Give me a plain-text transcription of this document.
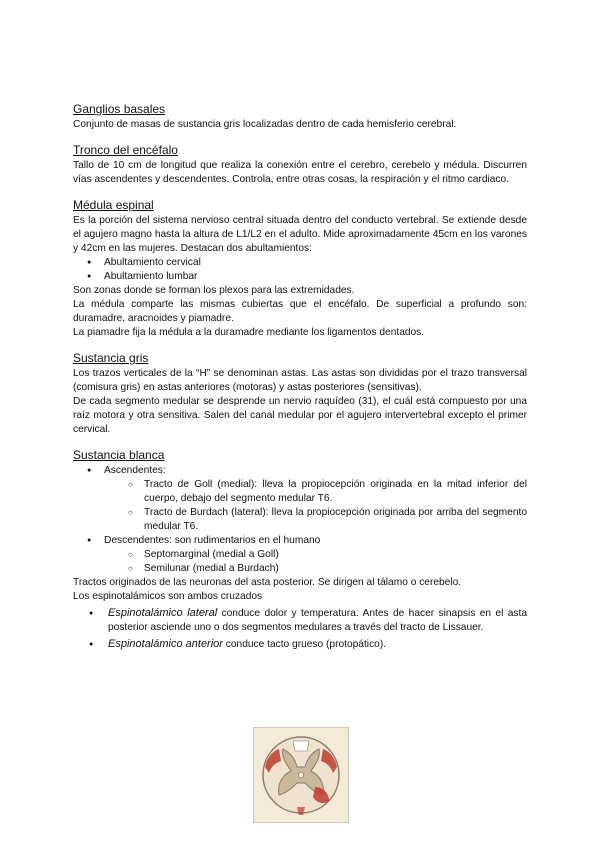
Ganglios basales

Conjunto de masas de sustancia gris localizadas dentro de cada hemisferio cerebral.

Tronco del encéfalo

Tallo de 10 cm de longitud que realiza la conexión entre el cerebro, cerebelo y médula. Discurren vías ascendentes y descendentes. Controla, entre otras cosas, la respiración y el ritmo cardiaco.

Médula espinal

Es la porción del sistema nervioso central situada dentro del conducto vertebral. Se extiende desde el agujero magno hasta la altura de L1/L2 en el adulto. Mide aproximadamente 45cm en los varones y 42cm en las mujeres. Destacan dos abultamientos:

● Abultamiento cervical
● Abultamiento lumbar

Son zonas donde se forman los plexos para las extremidades.

La médula comparte las mismas cubiertas que el encéfalo. De superficial a profundo son: duramadre, aracnoides y piamadre.

La piamadre fija la médula a la duramadre mediante los ligamentos dentados.

Sustancia gris

Los trazos verticales de la “H” se denominan astas. Las astas son divididas por el trazo transversal (comisura gris) en astas anteriores (motoras) y astas posteriores (sensitivas).

De cada segmento medular se desprende un nervio raquídeo (31), el cuál está compuesto por una raíz motora y otra sensitiva. Salen del canal medular por el agujero intervertebral excepto el primer cervical.

Sustancia blanca
● Ascendentes:
○ Tracto de Goll (medial): lleva la propiocepción originada en la mitad inferior del cuerpo, debajo del segmento medular T6.
○ Tracto de Burdach (lateral): lleva la propiocepción originada por arriba del segmento medular T6.
● Descendentes: son rudimentarios en el humano
○ Septomarginal (medial a Goll)
○ Semilunar (medial a Burdach)

Tractos originados de las neuronas del asta posterior. Se dirigen al tálamo o cerebelo.

Los espinotalámicos son ambos cruzados

● Espinotalámico lateral conduce dolor y temperatura. Antes de hacer sinapsis en el asta posterior asciende uno o dos segmentos medulares a través del tracto de Lissauer.
● Espinotalámico anterior conduce tacto grueso (protopático).
